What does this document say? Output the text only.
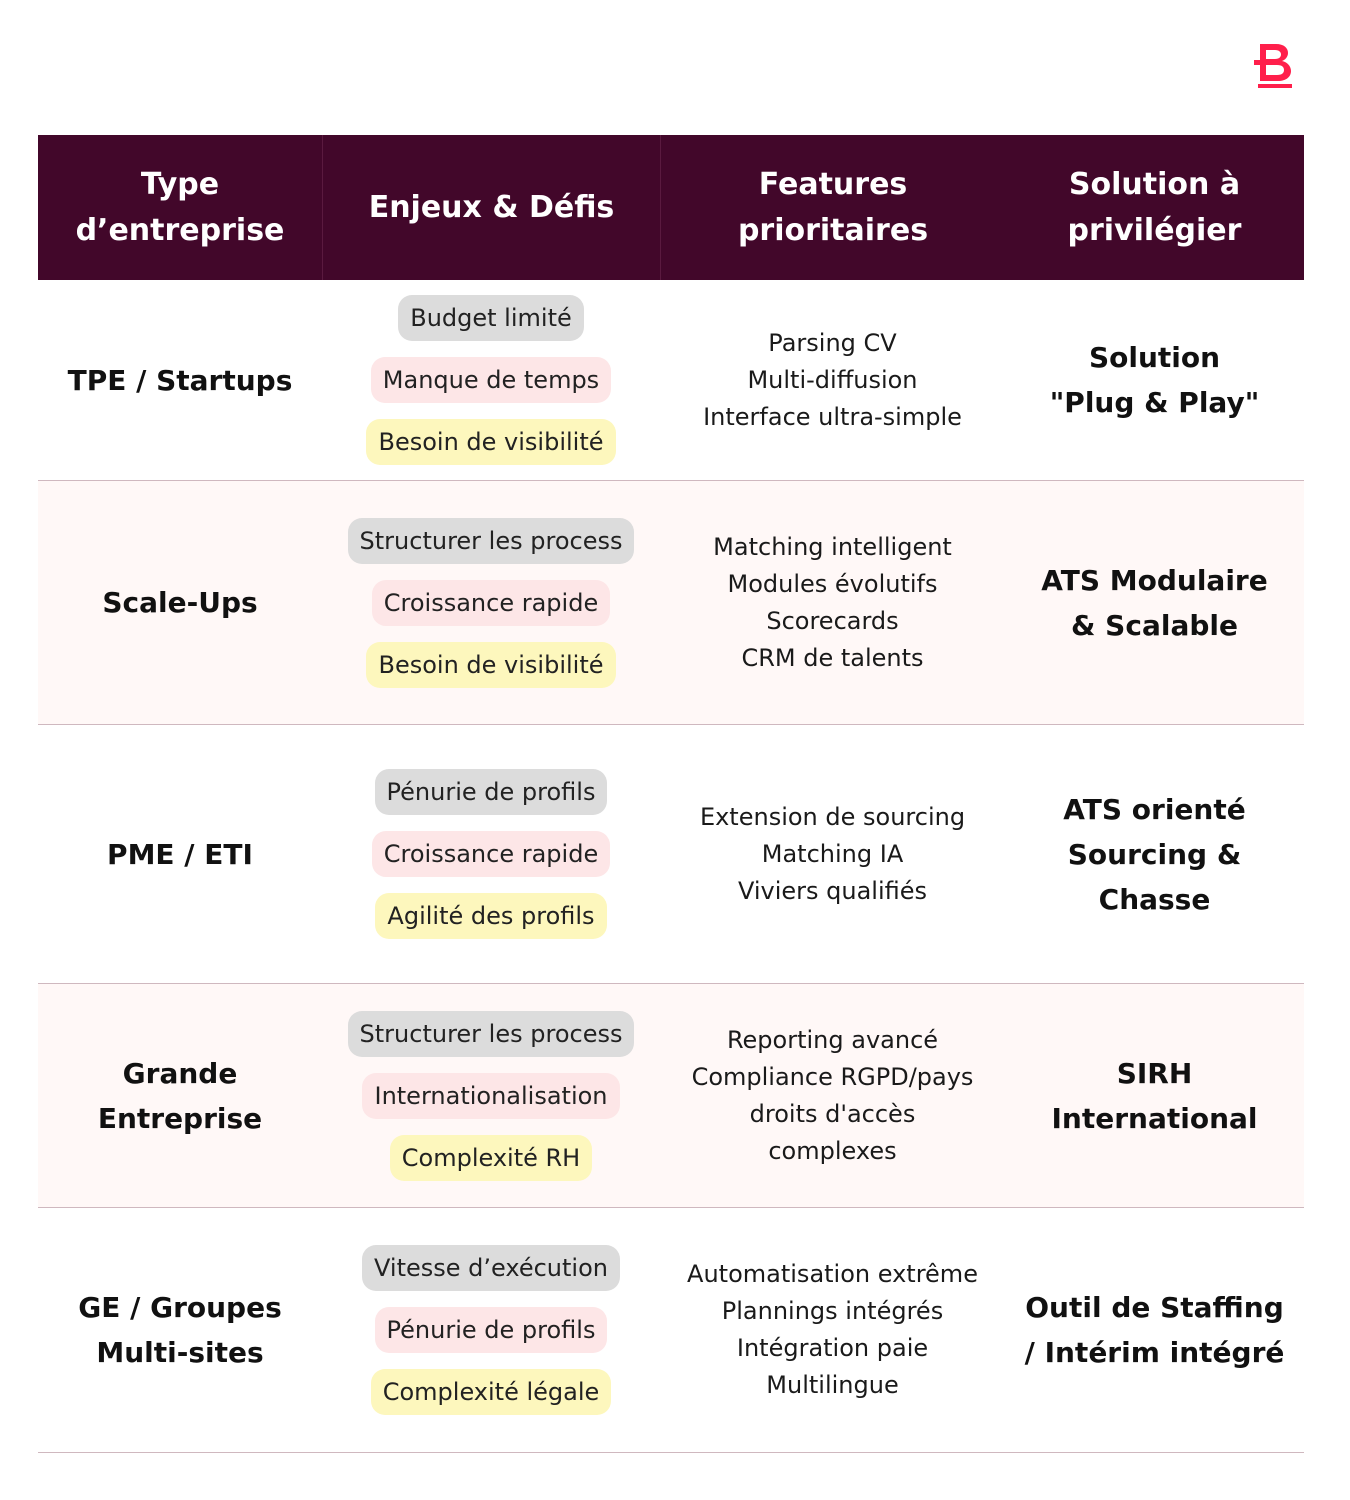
Type
d’entreprise
Enjeux & Défis
Features
prioritaires
Solution à
privilégier
TPE / Startups
Budget limité
Manque de temps
Besoin de visibilité
Parsing CV
Multi-diffusion
Interface ultra-simple
Solution
"Plug & Play"
Scale-Ups
Structurer les process
Croissance rapide
Besoin de visibilité
Matching intelligent
Modules évolutifs
Scorecards
CRM de talents
ATS Modulaire
& Scalable
PME / ETI
Pénurie de profils
Croissance rapide
Agilité des profils
Extension de sourcing
Matching IA
Viviers qualifiés
ATS orienté
Sourcing &
Chasse
Grande
Entreprise
Structurer les process
Internationalisation
Complexité RH
Reporting avancé
Compliance RGPD/pays
droits d'accès
complexes
SIRH
International
GE / Groupes
Multi-sites
Vitesse d’exécution
Pénurie de profils
Complexité légale
Automatisation extrême
Plannings intégrés
Intégration paie
Multilingue
Outil de Staffing
/ Intérim intégré
